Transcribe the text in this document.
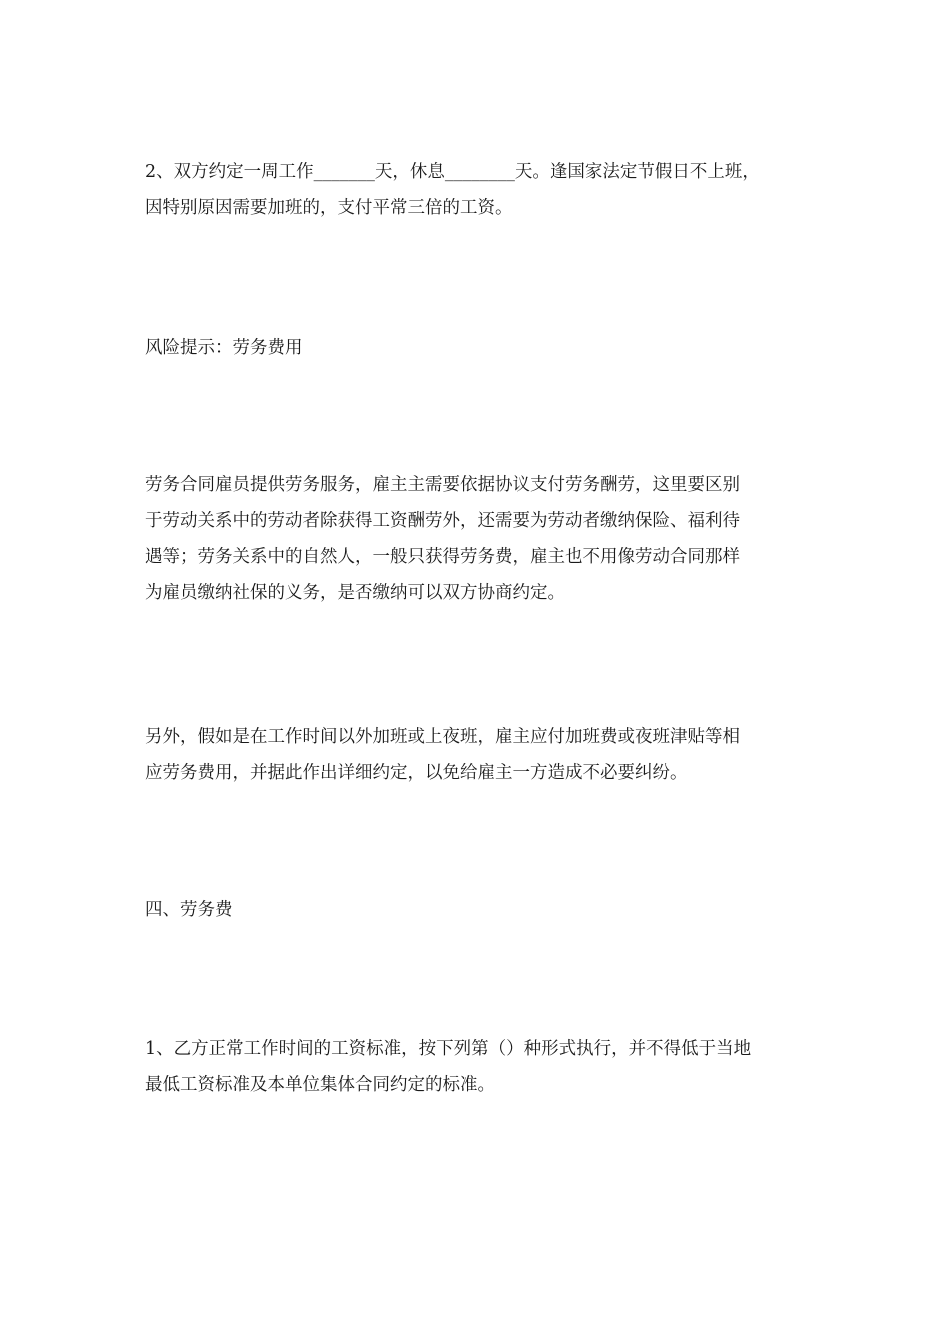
2、双方约定一周工作_______天，休息________天。逢国家法定节假日不上班，
因特别原因需要加班的，支付平常三倍的工资。
风险提示：劳务费用
劳务合同雇员提供劳务服务，雇主主需要依据协议支付劳务酬劳，这里要区别
于劳动关系中的劳动者除获得工资酬劳外，还需要为劳动者缴纳保险、福利待
遇等；劳务关系中的自然人，一般只获得劳务费，雇主也不用像劳动合同那样
为雇员缴纳社保的义务，是否缴纳可以双方协商约定。
另外，假如是在工作时间以外加班或上夜班，雇主应付加班费或夜班津贴等相
应劳务费用，并据此作出详细约定，以免给雇主一方造成不必要纠纷。
四、劳务费
1、乙方正常工作时间的工资标准，按下列第（）种形式执行，并不得低于当地
最低工资标准及本单位集体合同约定的标准。
